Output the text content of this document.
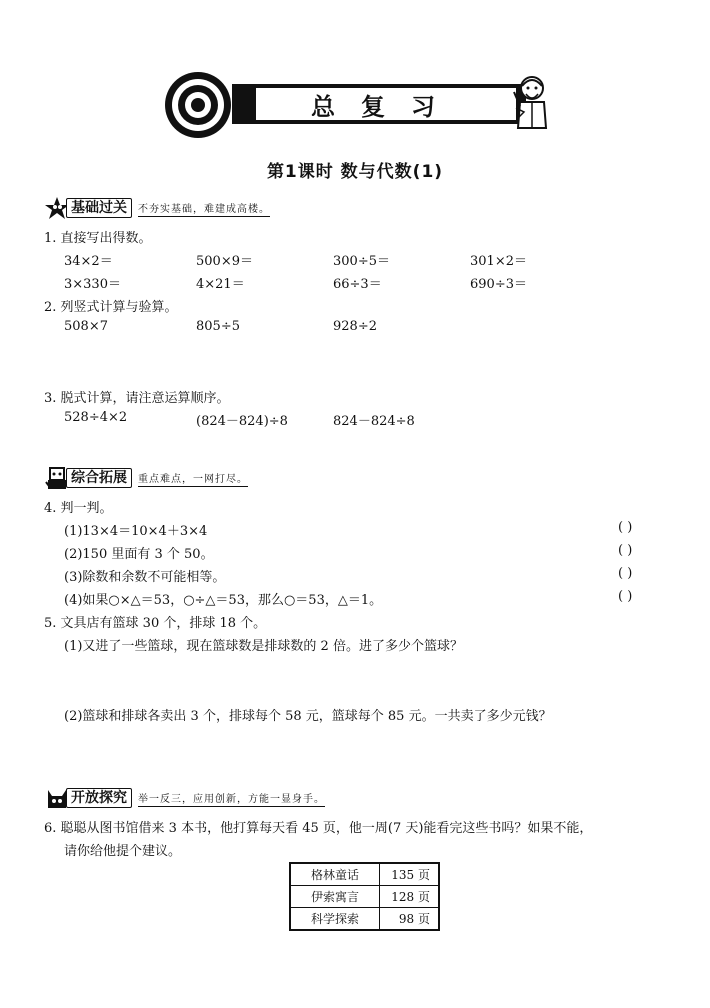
总复习
第1课时 数与代数(1)
基础过关	不夯实基础，难建成高楼。
1. 直接写出得数。
34×2＝	500×9＝	300÷5＝	301×2＝
3×330＝	4×21＝	66÷3＝	690÷3＝
2. 列竖式计算与验算。
508×7	805÷5	928÷2
3. 脱式计算，请注意运算顺序。
528÷4×2	(824－824)÷8	824－824÷8
综合拓展	重点难点，一网打尽。
4. 判一判。
(1)13×4＝10×4＋3×4	( )
(2)150 里面有 3 个 50。	( )
(3)除数和余数不可能相等。	( )
(4)如果○×△＝53，○÷△＝53，那么○＝53，△＝1。	( )
5. 文具店有篮球 30 个，排球 18 个。
(1)又进了一些篮球，现在篮球数是排球数的 2 倍。进了多少个篮球？
(2)篮球和排球各卖出 3 个，排球每个 58 元，篮球每个 85 元。一共卖了多少元钱？
开放探究	举一反三，应用创新，方能一显身手。
6. 聪聪从图书馆借来 3 本书，他打算每天看 45 页，他一周(7 天)能看完这些书吗？如果不能，
请你给他提个建议。
格林童话	135 页
伊索寓言	128 页
科学探索	98 页
